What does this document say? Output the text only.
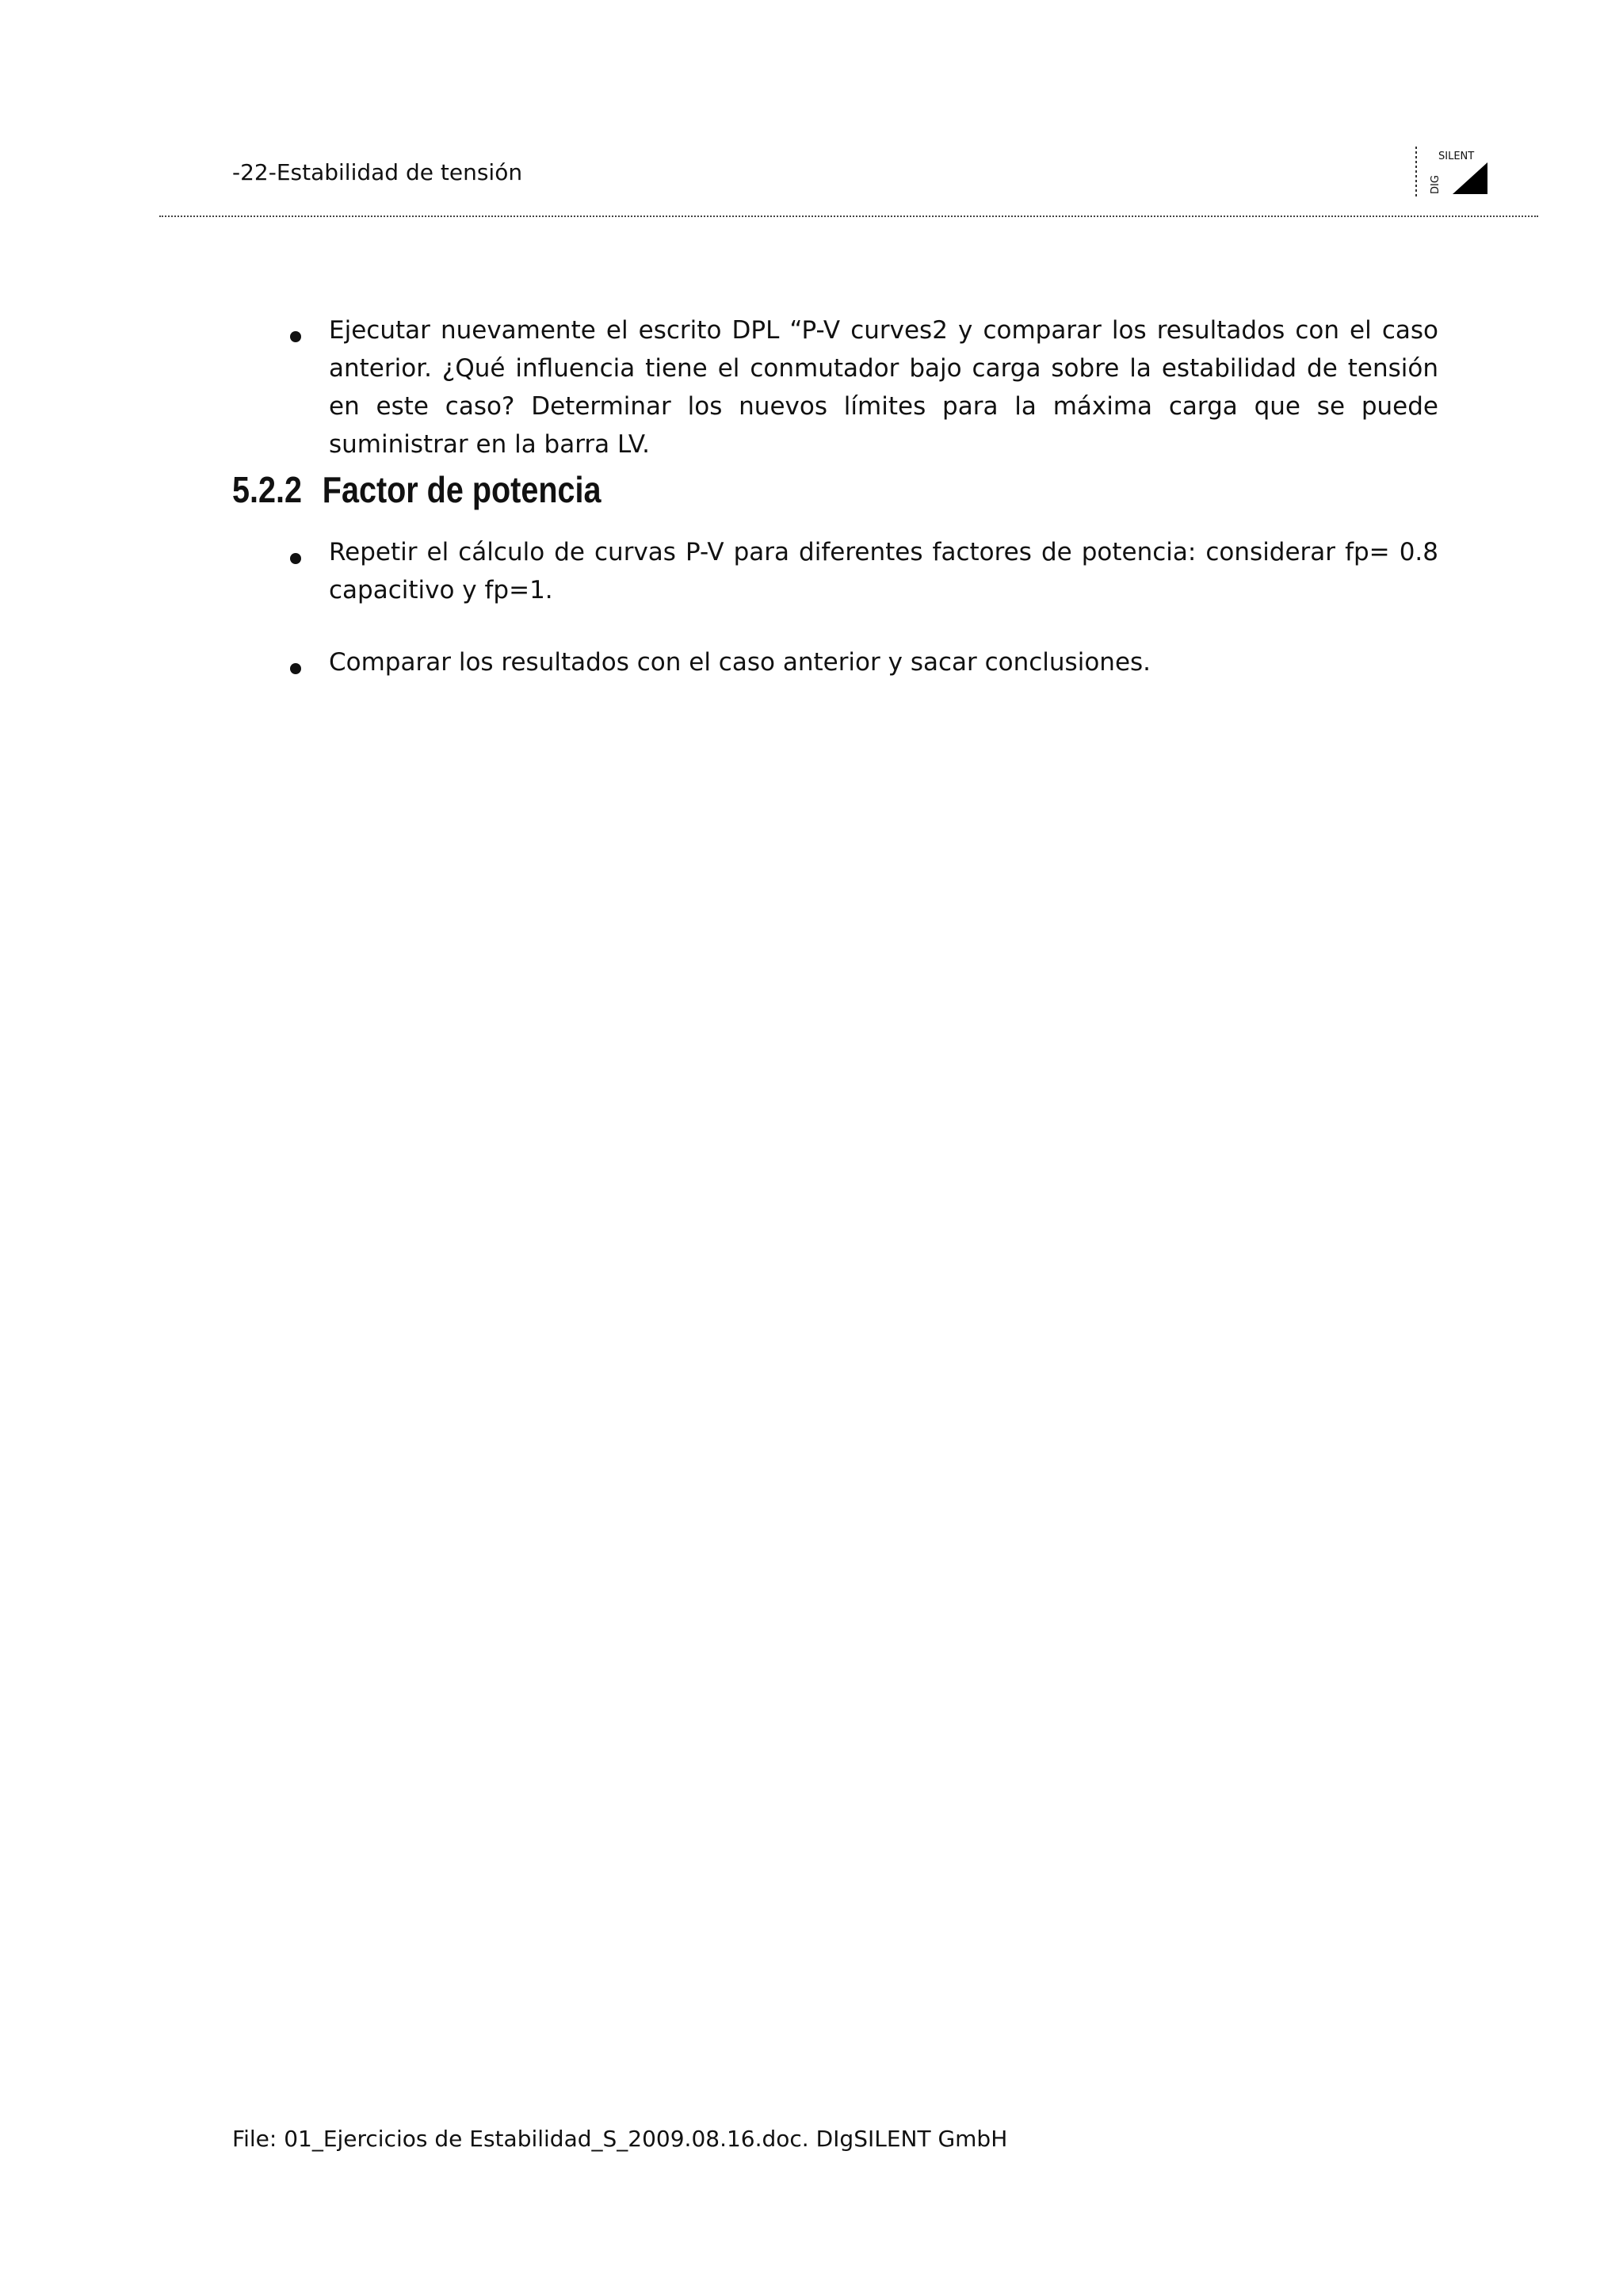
-22-Estabilidad de tensión
SILENT
DIG
Ejecutar nuevamente el escrito DPL “P-V curves2 y comparar los resultados con el caso anterior. ¿Qué influencia tiene el conmutador bajo carga sobre la estabilidad de tensión en este caso? Determinar los nuevos límites para la máxima carga que se puede suministrar en la barra LV.
5.2.2 Factor de potencia
Repetir el cálculo de curvas P-V para diferentes factores de potencia: considerar fp= 0.8 capacitivo y fp=1.
Comparar los resultados con el caso anterior y sacar conclusiones.
File: 01_Ejercicios de Estabilidad_S_2009.08.16.doc. DIgSILENT GmbH
